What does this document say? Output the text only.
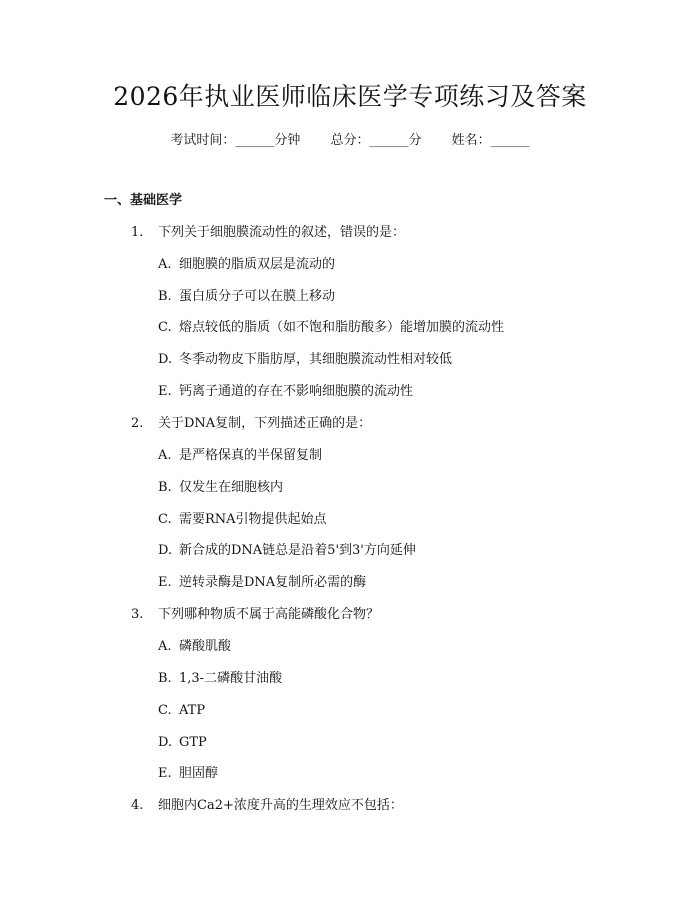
2026年执业医师临床医学专项练习及答案
考试时间：______分钟 总分：______分 姓名：______
一、基础医学
1. 下列关于细胞膜流动性的叙述，错误的是：
A. 细胞膜的脂质双层是流动的
B. 蛋白质分子可以在膜上移动
C. 熔点较低的脂质（如不饱和脂肪酸多）能增加膜的流动性
D. 冬季动物皮下脂肪厚，其细胞膜流动性相对较低
E. 钙离子通道的存在不影响细胞膜的流动性
2. 关于DNA复制，下列描述正确的是：
A. 是严格保真的半保留复制
B. 仅发生在细胞核内
C. 需要RNA引物提供起始点
D. 新合成的DNA链总是沿着5'到3'方向延伸
E. 逆转录酶是DNA复制所必需的酶
3. 下列哪种物质不属于高能磷酸化合物？
A. 磷酸肌酸
B. 1,3-二磷酸甘油酸
C. ATP
D. GTP
E. 胆固醇
4. 细胞内Ca2+浓度升高的生理效应不包括：
